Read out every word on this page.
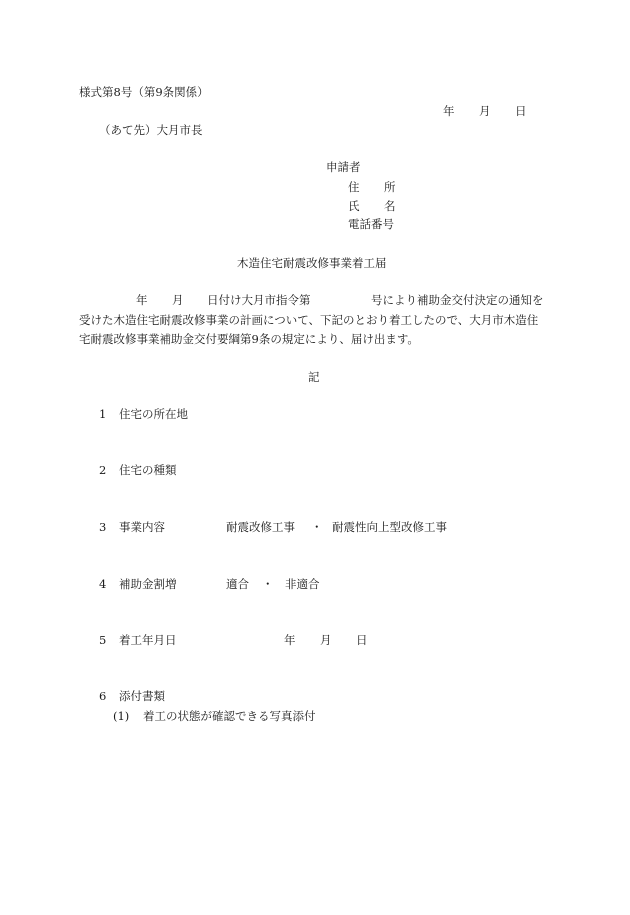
様式第8号（第9条関係）
年 月 日
（あて先）大月市長
申請者
住 所
氏 名
電話番号
木造住宅耐震改修事業着工届
年 月 日付け大月市指令第	号により補助金交付決定の通知を
受けた木造住宅耐震改修事業の計画について、下記のとおり着工したので、大月市木造住
宅耐震改修事業補助金交付要綱第9条の規定により、届け出ます。
記
1 住宅の所在地
2 住宅の種類
3 事業内容	耐震改修工事 ・ 耐震性向上型改修工事
4 補助金割増	適合 ・ 非適合
5 着工年月日	年 月 日
6 添付書類
(1) 着工の状態が確認できる写真添付
